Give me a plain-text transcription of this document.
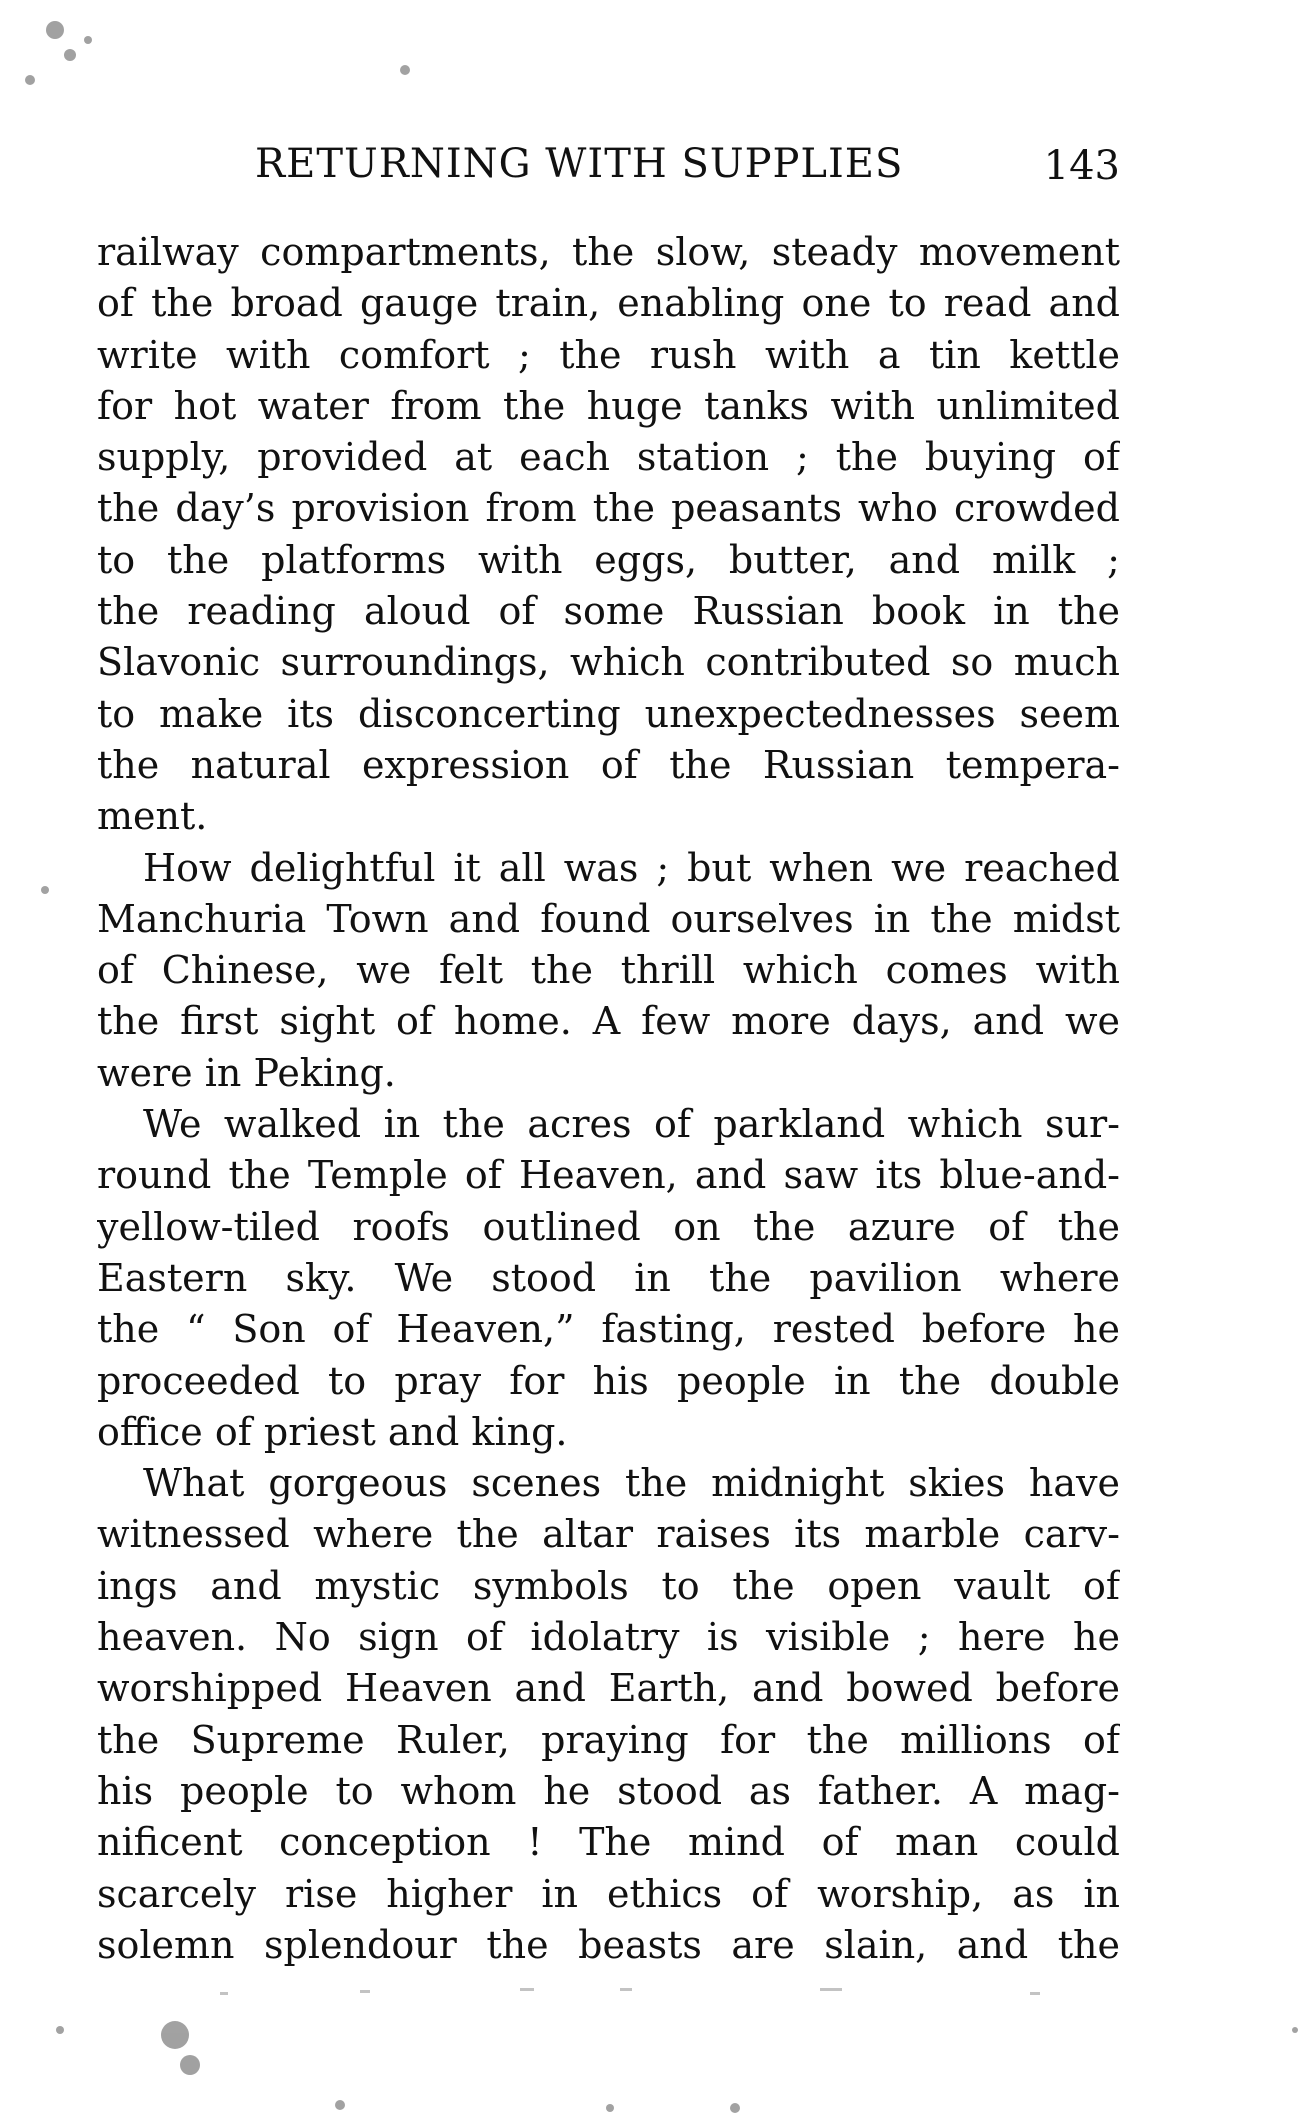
RETURNING WITH SUPPLIES	143
railway compartments, the slow, steady movement
of the broad gauge train, enabling one to read and
write with comfort ; the rush with a tin kettle
for hot water from the huge tanks with unlimited
supply, provided at each station ; the buying of
the day’s provision from the peasants who crowded
to the platforms with eggs, butter, and milk ;
the reading aloud of some Russian book in the
Slavonic surroundings, which contributed so much
to make its disconcerting unexpectednesses seem
the natural expression of the Russian tempera-
ment.
How delightful it all was ; but when we reached
Manchuria Town and found ourselves in the midst
of Chinese, we felt the thrill which comes with
the first sight of home. A few more days, and we
were in Peking.
We walked in the acres of parkland which sur-
round the Temple of Heaven, and saw its blue-and-
yellow-tiled roofs outlined on the azure of the
Eastern sky. We stood in the pavilion where
the “ Son of Heaven,” fasting, rested before he
proceeded to pray for his people in the double
office of priest and king.
What gorgeous scenes the midnight skies have
witnessed where the altar raises its marble carv-
ings and mystic symbols to the open vault of
heaven. No sign of idolatry is visible ; here he
worshipped Heaven and Earth, and bowed before
the Supreme Ruler, praying for the millions of
his people to whom he stood as father. A mag-
nificent conception ! The mind of man could
scarcely rise higher in ethics of worship, as in
solemn splendour the beasts are slain, and the
